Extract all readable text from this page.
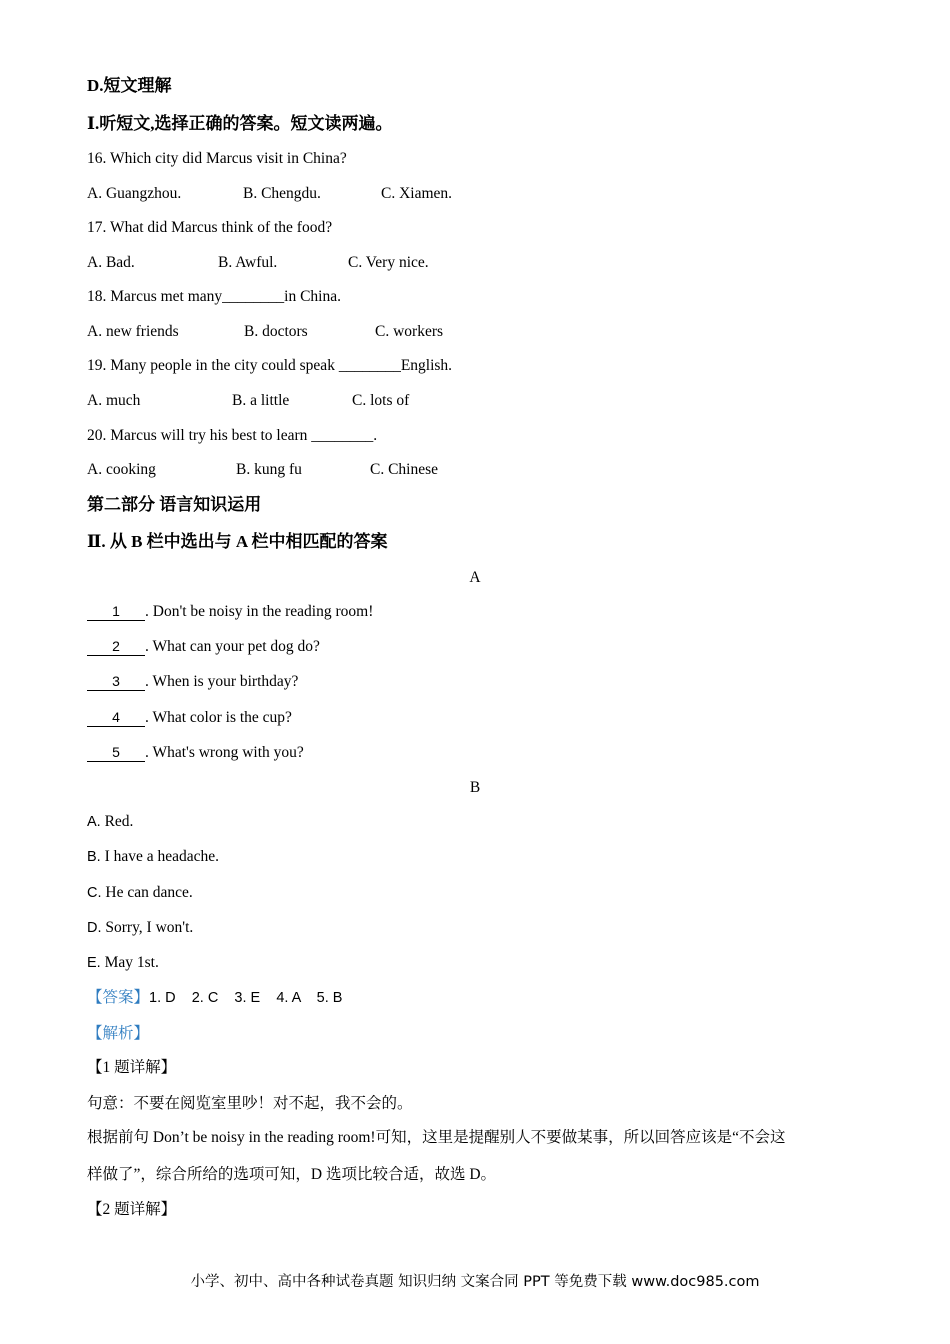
D.短文理解
Ⅰ.听短文,选择正确的答案。短文读两遍。
16. Which city did Marcus visit in China?
A. Guangzhou.	B. Chengdu.	C. Xiamen.
17. What did Marcus think of the food?
A. Bad.	B. Awful.	C. Very nice.
18. Marcus met many________in China.
A. new friends	B. doctors	C. workers
19. Many people in the city could speak ________English.
A. much	B. a little	C. lots of
20. Marcus will try his best to learn ________.
A. cooking	B. kung fu	C. Chinese
第二部分 语言知识运用
Ⅱ. 从 B 栏中选出与 A 栏中相匹配的答案
A
1 . Don't be noisy in the reading room!
2 . What can your pet dog do?
3 . When is your birthday?
4 . What color is the cup?
5 . What's wrong with you?
B
A. Red.
B. I have a headache.
C. He can dance.
D. Sorry, I won't.
E. May 1st.
【答案】1. D    2. C    3. E    4. A    5. B
【解析】
【1 题详解】
句意：不要在阅览室里吵！对不起，我不会的。
根据前句 Don’t be noisy in the reading room!可知，这里是提醒别人不要做某事，所以回答应该是“不会这
样做了”，综合所给的选项可知，D 选项比较合适，故选 D。
【2 题详解】
小学、初中、高中各种试卷真题 知识归纳 文案合同 PPT 等免费下载 www.doc985.com
